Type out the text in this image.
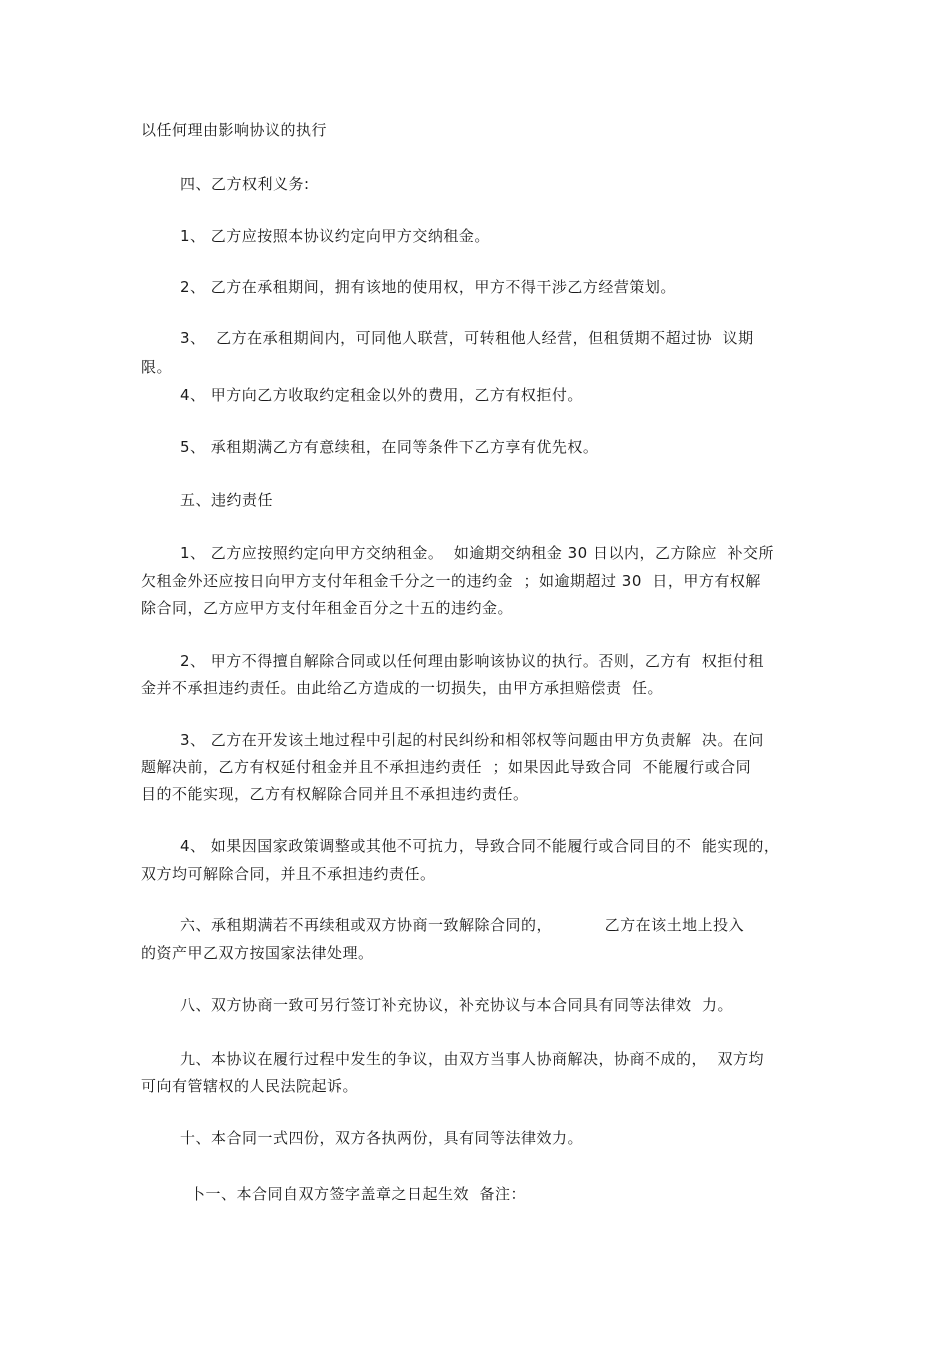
以任何理由影响协议的执行
四、乙方权利义务:
1、 乙方应按照本协议约定向甲方交纳租金。
2、 乙方在承租期间，拥有该地的使用权，甲方不得干涉乙方经营策划。
3、  乙方在承租期间内，可同他人联营，可转租他人经营，但租赁期不超过协  议期
限。
4、 甲方向乙方收取约定租金以外的费用，乙方有权拒付。
5、 承租期满乙方有意续租，在同等条件下乙方享有优先权。
五、违约责任
1、 乙方应按照约定向甲方交纳租金。  如逾期交纳租金 30 日以内，乙方除应  补交所
欠租金外还应按日向甲方支付年租金千分之一的违约金  ；如逾期超过 30  日，甲方有权解
除合同，乙方应甲方支付年租金百分之十五的违约金。
2、 甲方不得擅自解除合同或以任何理由影响该协议的执行。否则，乙方有  权拒付租
金并不承担违约责任。由此给乙方造成的一切损失，由甲方承担赔偿责  任。
3、 乙方在开发该土地过程中引起的村民纠纷和相邻权等问题由甲方负责解  决。在问
题解决前，乙方有权延付租金并且不承担违约责任  ；如果因此导致合同  不能履行或合同
目的不能实现，乙方有权解除合同并且不承担违约责任。
4、 如果因国家政策调整或其他不可抗力，导致合同不能履行或合同目的不  能实现的，
双方均可解除合同，并且不承担违约责任。
六、承租期满若不再续租或双方协商一致解除合同的，          乙方在该土地上投入
的资产甲乙双方按国家法律处理。
八、双方协商一致可另行签订补充协议，补充协议与本合同具有同等法律效  力。
九、本协议在履行过程中发生的争议，由双方当事人协商解决，协商不成的，  双方均
可向有管辖权的人民法院起诉。
十、本合同一式四份，双方各执两份，具有同等法律效力。
卜一、本合同自双方签字盖章之日起生效  备注：
